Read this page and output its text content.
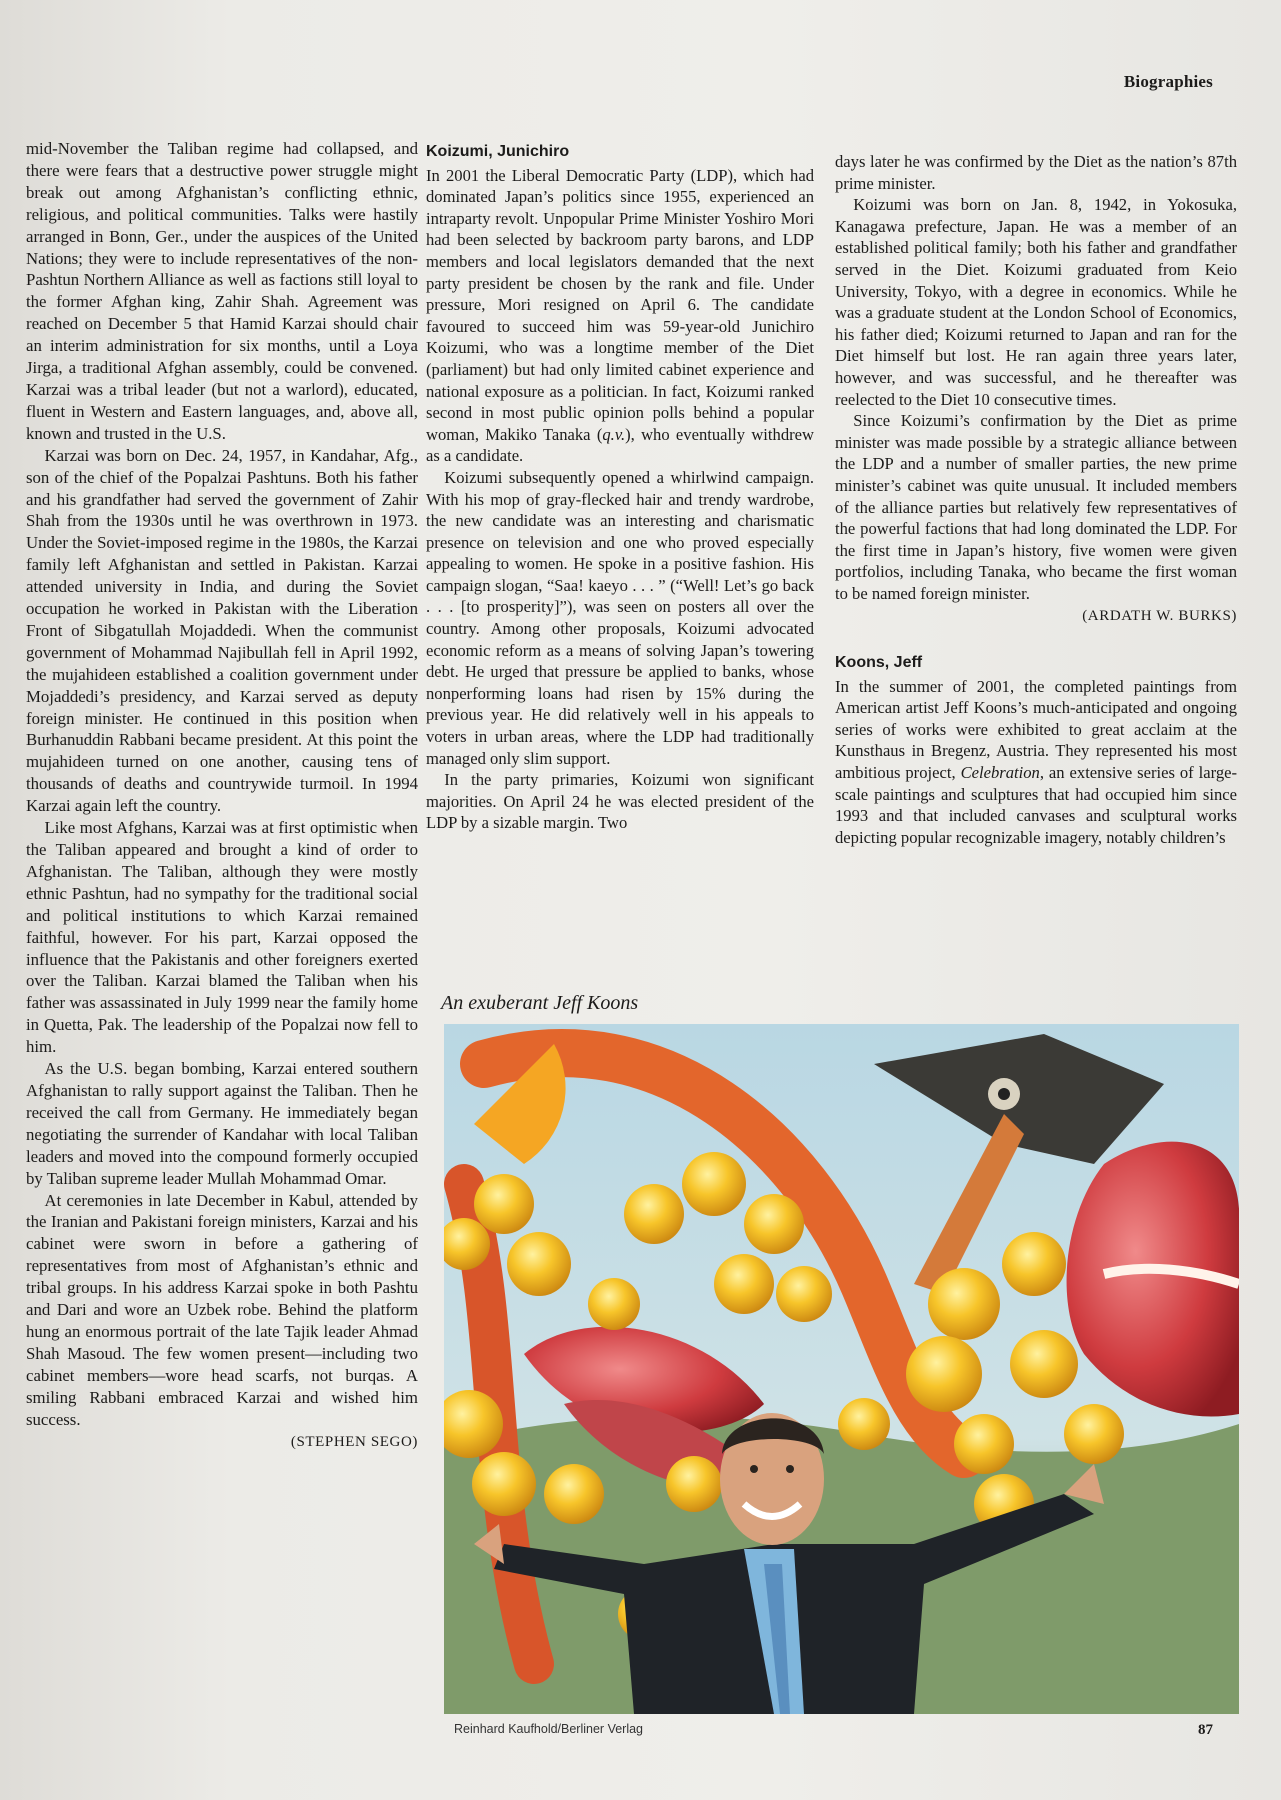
Biographies

mid-November the Taliban regime had collapsed, and there were fears that a destructive power struggle might break out among Afghanistan’s conflicting ethnic, religious, and political communities. Talks were hastily arranged in Bonn, Ger., under the auspices of the United Nations; they were to include representatives of the non-Pashtun Northern Alliance as well as factions still loyal to the former Afghan king, Zahir Shah. Agreement was reached on December 5 that Hamid Karzai should chair an interim administration for six months, until a Loya Jirga, a traditional Afghan assembly, could be convened. Karzai was a tribal leader (but not a warlord), educated, fluent in Western and Eastern languages, and, above all, known and trusted in the U.S.

Karzai was born on Dec. 24, 1957, in Kandahar, Afg., son of the chief of the Popalzai Pashtuns. Both his father and his grandfather had served the government of Zahir Shah from the 1930s until he was overthrown in 1973. Under the Soviet-imposed regime in the 1980s, the Karzai family left Afghanistan and settled in Pakistan. Karzai attended university in India, and during the Soviet occupation he worked in Pakistan with the Liberation Front of Sibgatullah Mojaddedi. When the communist government of Mohammad Najibullah fell in April 1992, the mujahideen established a coalition government under Mojaddedi’s presidency, and Karzai served as deputy foreign minister. He continued in this position when Burhanuddin Rabbani became president. At this point the mujahideen turned on one another, causing tens of thousands of deaths and countrywide turmoil. In 1994 Karzai again left the country.

Like most Afghans, Karzai was at first optimistic when the Taliban appeared and brought a kind of order to Afghanistan. The Taliban, although they were mostly ethnic Pashtun, had no sympathy for the traditional social and political institutions to which Karzai remained faithful, however. For his part, Karzai opposed the influence that the Pakistanis and other foreigners exerted over the Taliban. Karzai blamed the Taliban when his father was assassinated in July 1999 near the family home in Quetta, Pak. The leadership of the Popalzai now fell to him.

As the U.S. began bombing, Karzai entered southern Afghanistan to rally support against the Taliban. Then he received the call from Germany. He immediately began negotiating the surrender of Kandahar with local Taliban leaders and moved into the compound formerly occupied by Taliban supreme leader Mullah Mohammad Omar.

At ceremonies in late December in Kabul, attended by the Iranian and Pakistani foreign ministers, Karzai and his cabinet were sworn in before a gathering of representatives from most of Afghanistan’s ethnic and tribal groups. In his address Karzai spoke in both Pashtu and Dari and wore an Uzbek robe. Behind the platform hung an enormous portrait of the late Tajik leader Ahmad Shah Masoud. The few women present—including two cabinet members—wore head scarfs, not burqas. A smiling Rabbani embraced Karzai and wished him success.

(STEPHEN SEGO)
Koizumi, Junichiro

In 2001 the Liberal Democratic Party (LDP), which had dominated Japan’s politics since 1955, experienced an intraparty revolt. Unpopular Prime Minister Yoshiro Mori had been selected by backroom party barons, and LDP members and local legislators demanded that the next party president be chosen by the rank and file. Under pressure, Mori resigned on April 6. The candidate favoured to succeed him was 59-year-old Junichiro Koizumi, who was a longtime member of the Diet (parliament) but had only limited cabinet experience and national exposure as a politician. In fact, Koizumi ranked second in most public opinion polls behind a popular woman, Makiko Tanaka (q.v.), who eventually withdrew as a candidate.

Koizumi subsequently opened a whirlwind campaign. With his mop of gray-flecked hair and trendy wardrobe, the new candidate was an interesting and charismatic presence on television and one who proved especially appealing to women. He spoke in a positive fashion. His campaign slogan, “Saa! kaeyo . . . ” (“Well! Let’s go back . . . [to prosperity]”), was seen on posters all over the country. Among other proposals, Koizumi advocated economic reform as a means of solving Japan’s towering debt. He urged that pressure be applied to banks, whose nonperforming loans had risen by 15% during the previous year. He did relatively well in his appeals to voters in urban areas, where the LDP had traditionally managed only slim support.

In the party primaries, Koizumi won significant majorities. On April 24 he was elected president of the LDP by a sizable margin. Two

days later he was confirmed by the Diet as the nation’s 87th prime minister.

Koizumi was born on Jan. 8, 1942, in Yokosuka, Kanagawa prefecture, Japan. He was a member of an established political family; both his father and grandfather served in the Diet. Koizumi graduated from Keio University, Tokyo, with a degree in economics. While he was a graduate student at the London School of Economics, his father died; Koizumi returned to Japan and ran for the Diet himself but lost. He ran again three years later, however, and was successful, and he thereafter was reelected to the Diet 10 consecutive times.

Since Koizumi’s confirmation by the Diet as prime minister was made possible by a strategic alliance between the LDP and a number of smaller parties, the new prime minister’s cabinet was quite unusual. It included members of the alliance parties but relatively few representatives of the powerful factions that had long dominated the LDP. For the first time in Japan’s history, five women were given portfolios, including Tanaka, who became the first woman to be named foreign minister.

(ARDATH W. BURKS)
Koons, Jeff

In the summer of 2001, the completed paintings from American artist Jeff Koons’s much-anticipated and ongoing series of works were exhibited to great acclaim at the Kunsthaus in Bregenz, Austria. They represented his most ambitious project, Celebration, an extensive series of large-scale paintings and sculptures that had occupied him since 1993 and that included canvases and sculptural works depicting popular recognizable imagery, notably children’s

An exuberant Jeff Koons
Reinhard Kaufhold/Berliner Verlag	87
